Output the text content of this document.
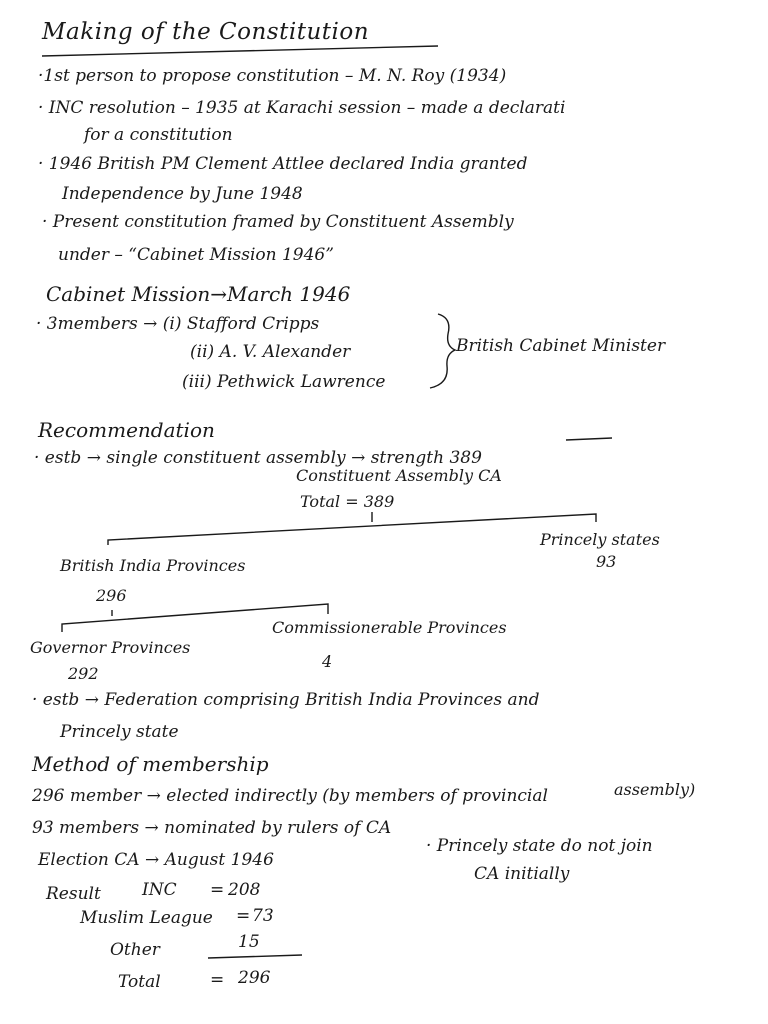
Making of the Constitution
·1st person to propose constitution – M. N. Roy (1934)
· INC resolution – 1935 at Karachi session – made a declarati
for a constitution
· 1946 British PM Clement Attlee declared India granted
Independence by June 1948
· Present constitution framed by Constituent Assembly
under – “Cabinet Mission 1946”
Cabinet Mission→March 1946
· 3members → (i) Stafford Cripps
(ii) A. V. Alexander
(iii) Pethwick Lawrence
British Cabinet Minister
Recommendation
· estb → single constituent assembly → strength 389
Constituent Assembly CA
Total = 389
Princely states
93
British India Provinces
296
Governor Provinces
292
Commissionerable Provinces
4
· estb → Federation comprising British India Provinces and
Princely state
Method of membership
296 member → elected indirectly (by members of provincial	assembly)
93 members → nominated by rulers of CA
Election CA → August 1946
· Princely state do not join
CA initially
Result INC = 208
Muslim League = 73
Other	15
Total	= 296
